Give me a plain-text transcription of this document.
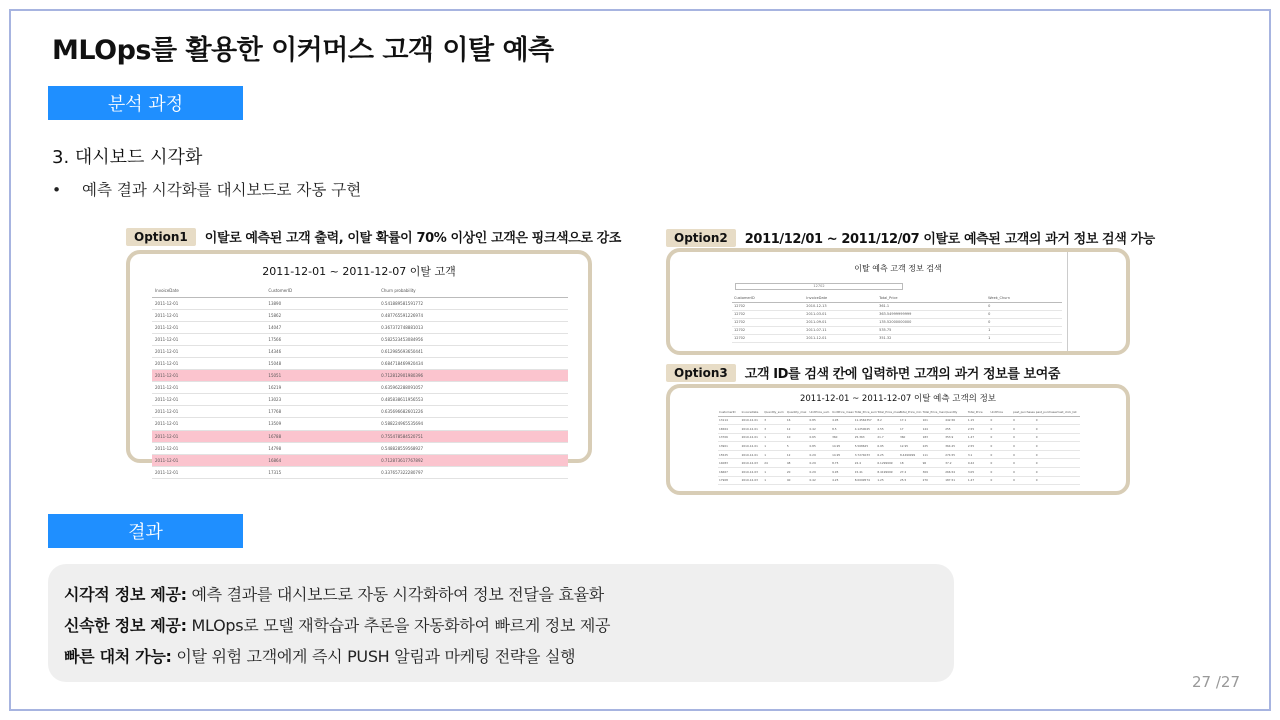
MLOps를 활용한 이커머스 고객 이탈 예측
분석 과정
3. 대시보드 시각화
• 예측 결과 시각화를 대시보드로 자동 구현
Option1	이탈로 예측된 고객 출력, 이탈 확률이 70% 이상인 고객은 핑크색으로 강조
2011-12-01 ~ 2011-12-07 이탈 고객
InvoiceDate	CustomerID	Churn probability
2011-12-01	13890	0.541889581591772
2011-12-01	15862	0.487765591226974
2011-12-01	14047	0.367372748881013
2011-12-01	17566	0.582523453084956
2011-12-01	14346	0.612985693650441
2011-12-01	15048	0.684718469920434
2011-12-01	15051	0.712812901980396
2011-12-01	16219	0.635962288091057
2011-12-01	13023	0.485838611956553
2011-12-01	17768	0.635696682601226
2011-12-01	13509	0.588224965535694
2011-12-01	16788	0.755478584520751
2011-12-01	14798	0.548828559568927
2011-12-01	16864	0.712873617767892
2011-12-01	17315	0.337657322280797
Option2	2011/12/01 ~ 2011/12/07 이탈로 예측된 고객의 과거 정보 검색 가능
이탈 예측 고객 정보 검색
12702
CustomerID	InvoiceDate	Total_Price	Week_Churn
12702	2010-12-13	361.1	0
12702	2011-03-01	363.54999999999	0
12702	2011-09-01	135.52000000000	0
12702	2011-07-11	535.75	1
12702	2011-12-01	351.32	1
Option3	고객 ID를 검색 칸에 입력하면 고객의 과거 정보를 보여줌
2011-12-01 ~ 2011-12-07 이탈 예측 고객의 정보
CustomerID	InvoiceDate	Quantity_sum	Quantity_max	UnitPrice_sum	UnitPrice_mean	Total_Price_sum	Total_Price_mean	Total_Price_min	Total_Price_max	Quantity	Total_Price	UnitPrice	past_purchases	past_purchase2	last_click_list
13114	2010-12-01	3	16	0.85	4.95	11.4562357	8.2	17.1	101	442.56	1.15	0	0	0	
16564	2010-12-01	3	12	0.42	8.5	4.1250045	2.55	17	144	255	2.55	0	0	0	
13706	2010-12-01	1	10	0.65	360	25.363	21.7	360	183	353.9	1.47	0	0	0	
13901	2010-12-01	1	5	0.85	14.95	5.568625	6.95	12.95	225	364.25	2.55	0	0	0	
15525	2010-12-01	1	12	0.29	14.95	3.7274033	6.25	8.4499999	111	274.55	3.1	0	0	0	
14083	2010-12-03	24	48	0.29	8.75	22.4	6.1299999	18	96	37.2	0.42	0	0	0	
16667	2010-12-03	1	20	0.29	9.95	15.41	8.4199999	27.2	309	266.54	3.05	0	0	0	
17908	2010-12-03	1	40	0.42	4.25	8.0099574	1.25	25.5	270	187.51	1.47	0	0	0	
결과
시각적 정보 제공: 예측 결과를 대시보드로 자동 시각화하여 정보 전달을 효율화
신속한 정보 제공: MLOps로 모델 재학습과 추론을 자동화하여 빠르게 정보 제공
빠른 대처 가능: 이탈 위험 고객에게 즉시 PUSH 알림과 마케팅 전략을 실행
27 /27
